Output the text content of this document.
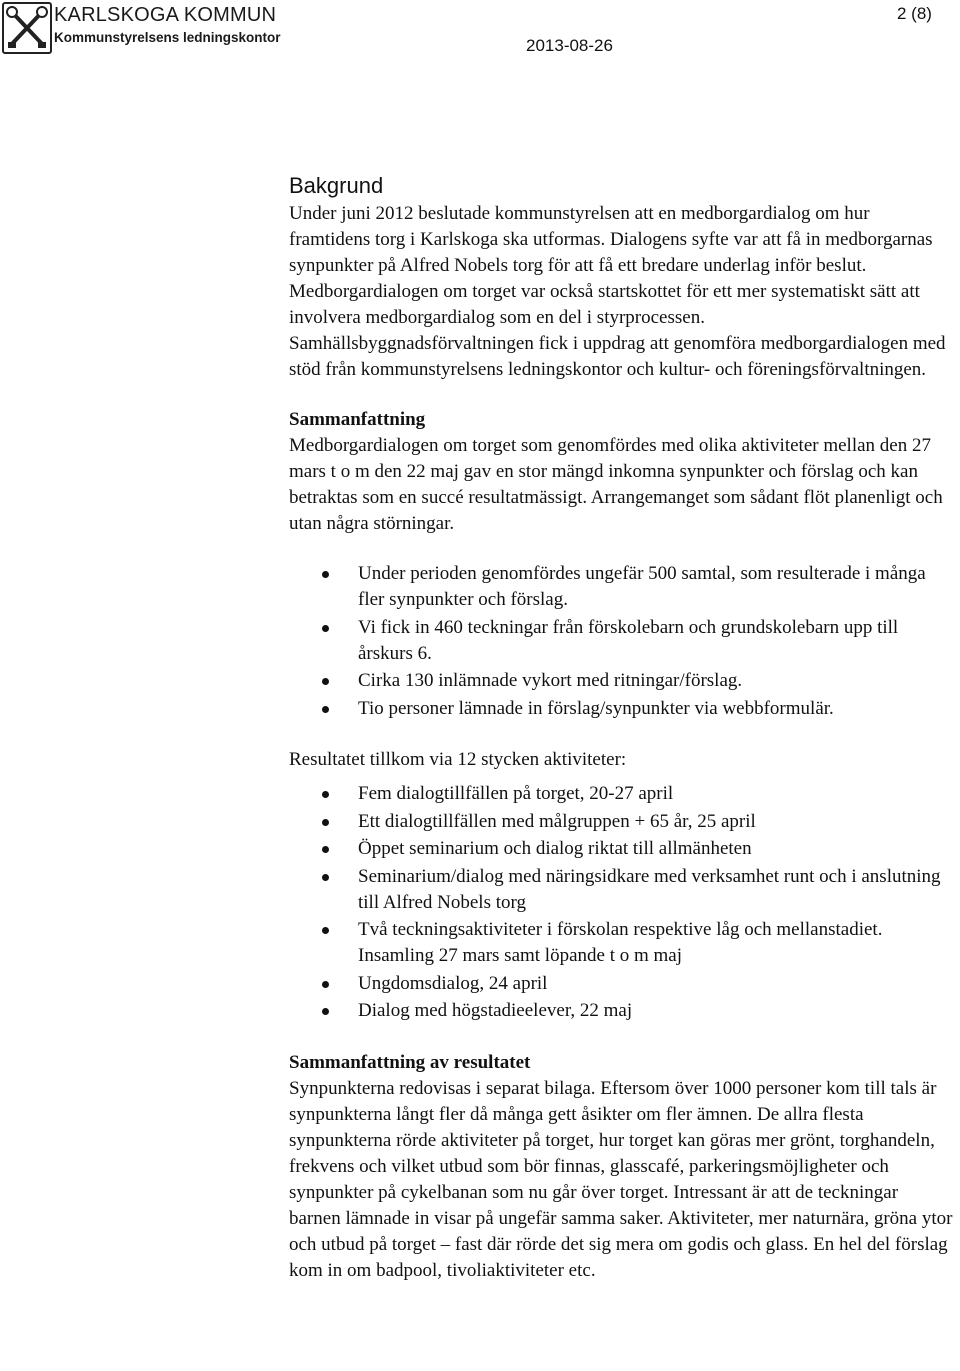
KARLSKOGA KOMMUN
Kommunstyrelsens ledningskontor	2013-08-26
2 (8)
Bakgrund

Under juni 2012 beslutade kommunstyrelsen att en medborgardialog om hur framtidens torg i Karlskoga ska utformas. Dialogens syfte var att få in medborgarnas synpunkter på Alfred Nobels torg för att få ett bredare underlag inför beslut. Medborgardialogen om torget var också startskottet för ett mer systematiskt sätt att involvera medborgardialog som en del i styrprocessen.

Samhällsbyggnadsförvaltningen fick i uppdrag att genomföra medborgardialogen med stöd från kommunstyrelsens ledningskontor och kultur- och föreningsförvaltningen.

Sammanfattning

Medborgardialogen om torget som genomfördes med olika aktiviteter mellan den 27 mars t o m den 22 maj gav en stor mängd inkomna synpunkter och förslag och kan betraktas som en succé resultatmässigt. Arrangemanget som sådant flöt planenligt och utan några störningar.

Under perioden genomfördes ungefär 500 samtal, som resulterade i många fler synpunkter och förslag.
Vi fick in 460 teckningar från förskolebarn och grundskolebarn upp till årskurs 6.
Cirka 130 inlämnade vykort med ritningar/förslag.
Tio personer lämnade in förslag/synpunkter via webbformulär.

Resultatet tillkom via 12 stycken aktiviteter:

Fem dialogtillfällen på torget, 20-27 april
Ett dialogtillfällen med målgruppen + 65 år, 25 april
Öppet seminarium och dialog riktat till allmänheten
Seminarium/dialog med näringsidkare med verksamhet runt och i anslutning till Alfred Nobels torg
Två teckningsaktiviteter i förskolan respektive låg och mellanstadiet. Insamling 27 mars samt löpande t o m maj
Ungdomsdialog, 24 april
Dialog med högstadieelever, 22 maj
Sammanfattning av resultatet

Synpunkterna redovisas i separat bilaga. Eftersom över 1000 personer kom till tals är synpunkterna långt fler då många gett åsikter om fler ämnen. De allra flesta synpunkterna rörde aktiviteter på torget, hur torget kan göras mer grönt, torghandeln, frekvens och vilket utbud som bör finnas, glasscafé, parkeringsmöjligheter och synpunkter på cykelbanan som nu går över torget. Intressant är att de teckningar barnen lämnade in visar på ungefär samma saker. Aktiviteter, mer naturnära, gröna ytor och utbud på torget – fast där rörde det sig mera om godis och glass. En hel del förslag kom in om badpool, tivoliaktiviteter etc.
